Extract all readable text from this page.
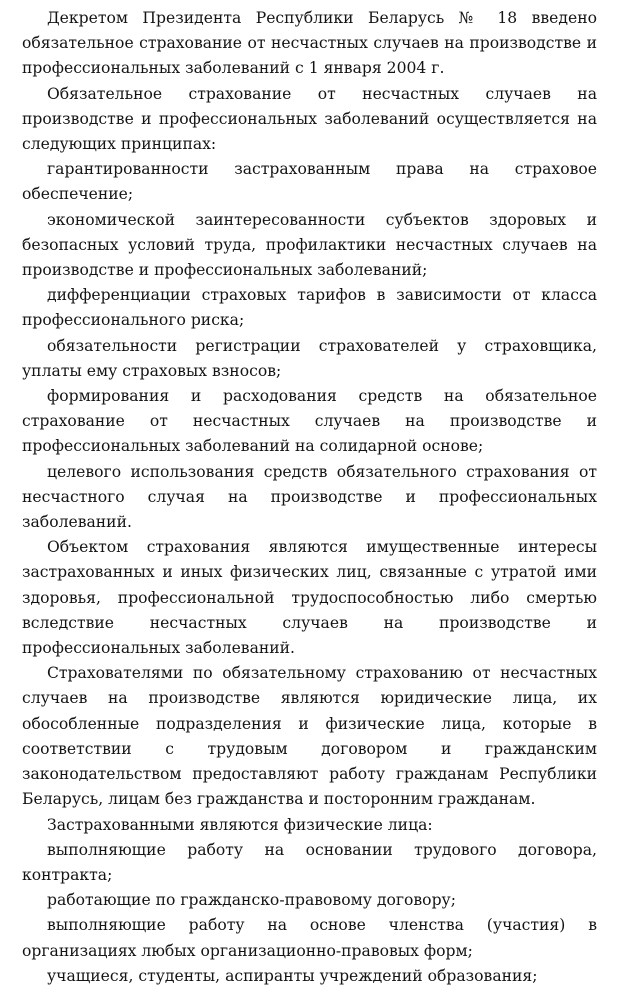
Декретом Президента Республики Беларусь № 18 введено обязательное страхование от несчастных случаев на производстве и профессиональных заболеваний с 1 января 2004 г.

Обязательное страхование от несчастных случаев на производстве и профессиональных заболеваний осуществляется на следующих принципах:

гарантированности застрахованным права на страховое обеспечение;

экономической заинтересованности субъектов здоровых и безопасных условий труда, профилактики несчастных случаев на производстве и профессиональных заболеваний;

дифференциации страховых тарифов в зависимости от класса профессионального риска;

обязательности регистрации страхователей у страховщика, уплаты ему страховых взносов;

формирования и расходования средств на обязательное страхование от несчастных случаев на производстве и профессиональных заболеваний на солидарной основе;

целевого использования средств обязательного страхования от несчастного случая на производстве и профессиональных заболеваний.

Объектом страхования являются имущественные интересы застрахованных и иных физических лиц, связанные с утратой ими здоровья, профессиональной трудоспособностью либо смертью вследствие несчастных случаев на производстве и профессиональных заболеваний.

Страхователями по обязательному страхованию от несчастных случаев на производстве являются юридические лица, их обособленные подразделения и физические лица, которые в соответствии с трудовым договором и гражданским законодательством предоставляют работу гражданам Республики Беларусь, лицам без гражданства и посторонним гражданам.

Застрахованными являются физические лица:

выполняющие работу на основании трудового договора, контракта;

работающие по гражданско-правовому договору;

выполняющие работу на основе членства (участия) в организациях любых организационно-правовых форм;

учащиеся, студенты, аспиранты учреждений образования;
